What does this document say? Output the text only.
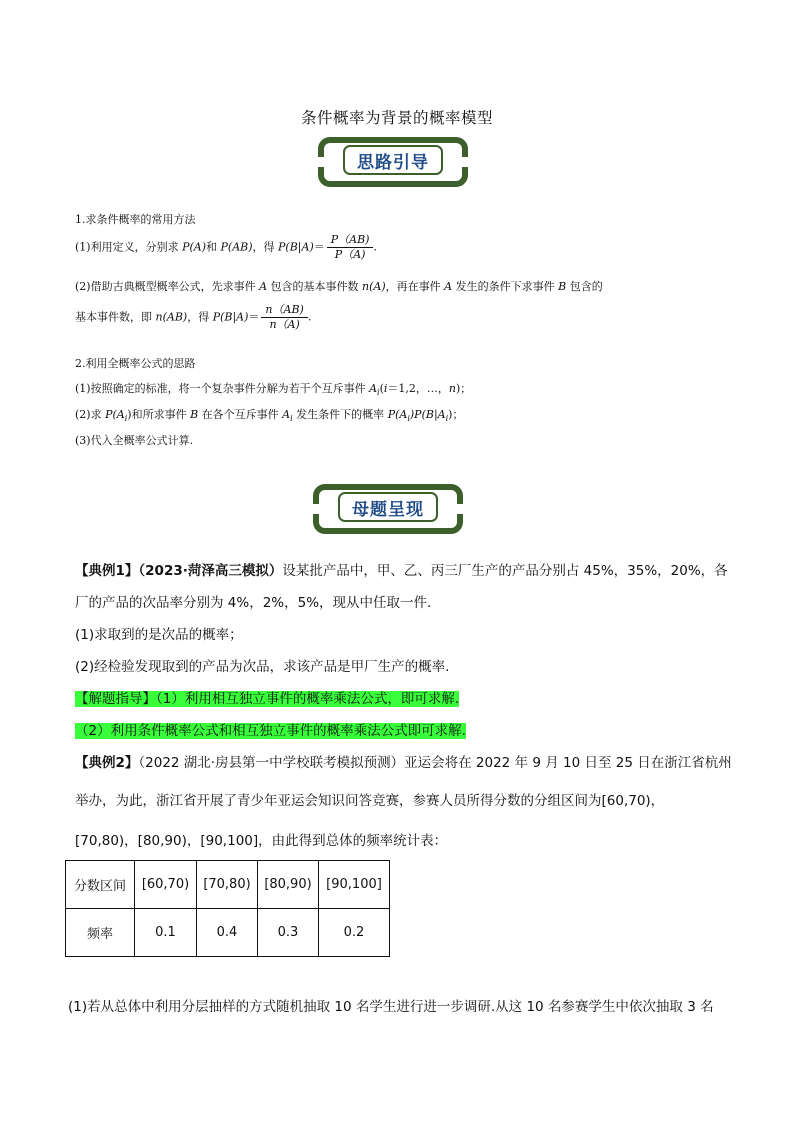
条件概率为背景的概率模型
思路引导
1.求条件概率的常用方法
(1)利用定义，分别求 P(A)和 P(AB)，得 $P(B|A)= \frac{P(AB)}{P(A)}$ .
(2)借助古典概型概率公式，先求事件 A 包含的基本事件数 n(A)，再在事件 A 发生的条件下求事件 B 包含的
基本事件数，即 n(AB)，得 $P(B|A)= \frac{n(AB)}{n(A)}$ .
2.利用全概率公式的思路
(1)按照确定的标准，将一个复杂事件分解为若干个互斥事件 $A_i(i=1,2$，…，n)；
(2)求 $P(A_i)$和所求事件 B 在各个互斥事件 $A_i$ 发生条件下的概率 $P(A_i)P(B|A_i)$；
(3)代入全概率公式计算.
母题呈现
【典例1】（2023·菏泽高三模拟）设某批产品中，甲、乙、丙三厂生产的产品分别占 45%，35%，20%，各
厂的产品的次品率分别为 4%，2%，5%，现从中任取一件.
(1)求取到的是次品的概率；
(2)经检验发现取到的产品为次品，求该产品是甲厂生产的概率.
【解题指导】（1）利用相互独立事件的概率乘法公式，即可求解.
（2）利用条件概率公式和相互独立事件的概率乘法公式即可求解.
【典例2】（2022 湖北·房县第一中学校联考模拟预测）亚运会将在 2022 年 9 月 10 日至 25 日在浙江省杭州
举办，为此，浙江省开展了青少年亚运会知识问答竞赛，参赛人员所得分数的分组区间为[60,70)，
[70,80)，[80,90)，[90,100]，由此得到总体的频率统计表：
分数区间	[60,70)	[70,80)	[80,90)	[90,100]
频率	0.1	0.4	0.3	0.2
(1)若从总体中利用分层抽样的方式随机抽取 10 名学生进行进一步调研.从这 10 名参赛学生中依次抽取 3 名
